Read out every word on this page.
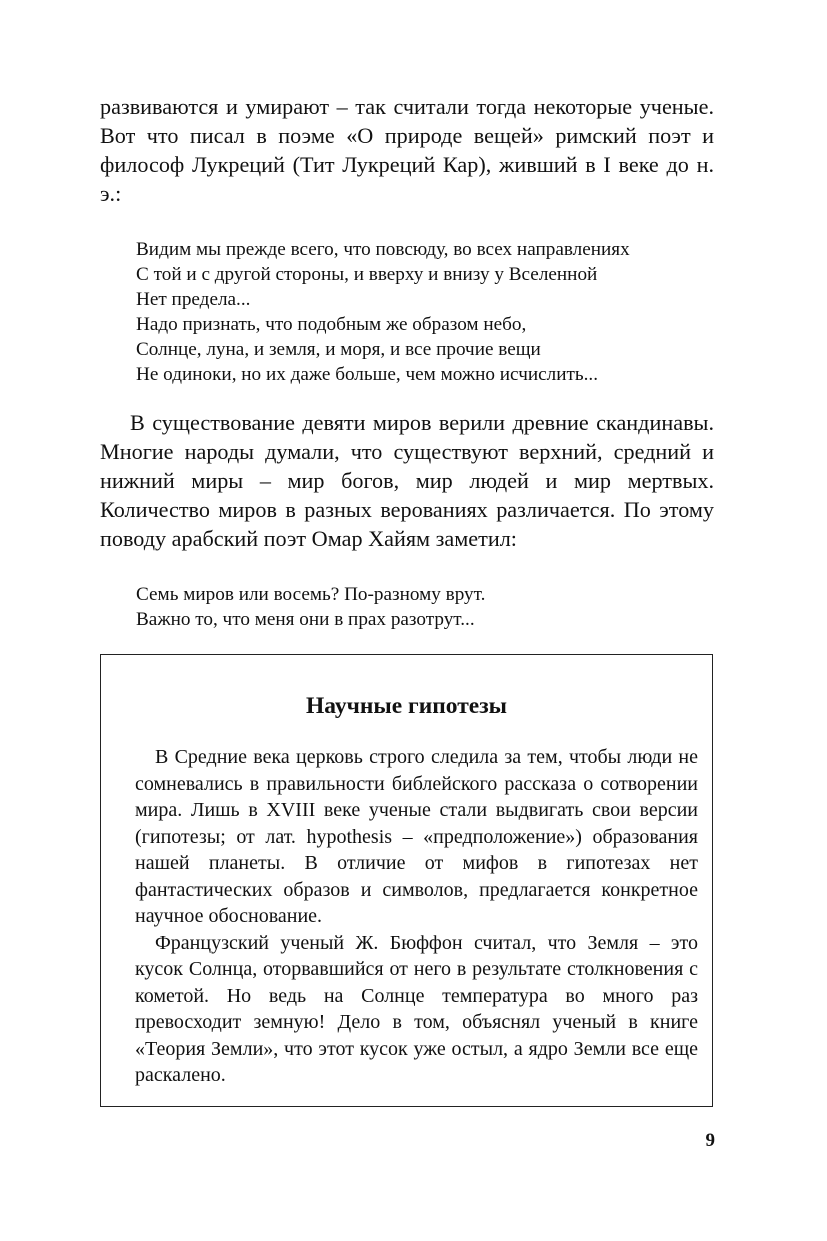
развиваются и умирают – так считали тогда некоторые ученые. Вот что писал в поэме «О природе вещей» римский поэт и философ Лукреций (Тит Лукреций Кар), живший в I веке до н. э.:

Видим мы прежде всего, что повсюду, во всех направлениях
С той и с другой стороны, и вверху и внизу у Вселенной
Нет предела...
Надо признать, что подобным же образом небо,
Солнце, луна, и земля, и моря, и все прочие вещи
Не одиноки, но их даже больше, чем можно исчислить...

В существование девяти миров верили древние скандинавы. Многие народы думали, что существуют верхний, средний и нижний миры – мир богов, мир людей и мир мертвых. Количество миров в разных верованиях различается. По этому поводу арабский поэт Омар Хайям заметил:

Семь миров или восемь? По-разному врут.
Важно то, что меня они в прах разотрут...
Научные гипотезы

В Средние века церковь строго следила за тем, чтобы люди не сомневались в правильности библейского рассказа о сотворении мира. Лишь в XVIII веке ученые стали выдвигать свои версии (гипотезы; от лат. hypothesis – «предположение») образования нашей планеты. В отличие от мифов в гипотезах нет фантастических образов и символов, предлагается конкретное научное обоснование.

Французский ученый Ж. Бюффон считал, что Земля – это кусок Солнца, оторвавшийся от него в результате столкновения с кометой. Но ведь на Солнце температура во много раз превосходит земную! Дело в том, объяснял ученый в книге «Теория Земли», что этот кусок уже остыл, а ядро Земли все еще раскалено.

9
